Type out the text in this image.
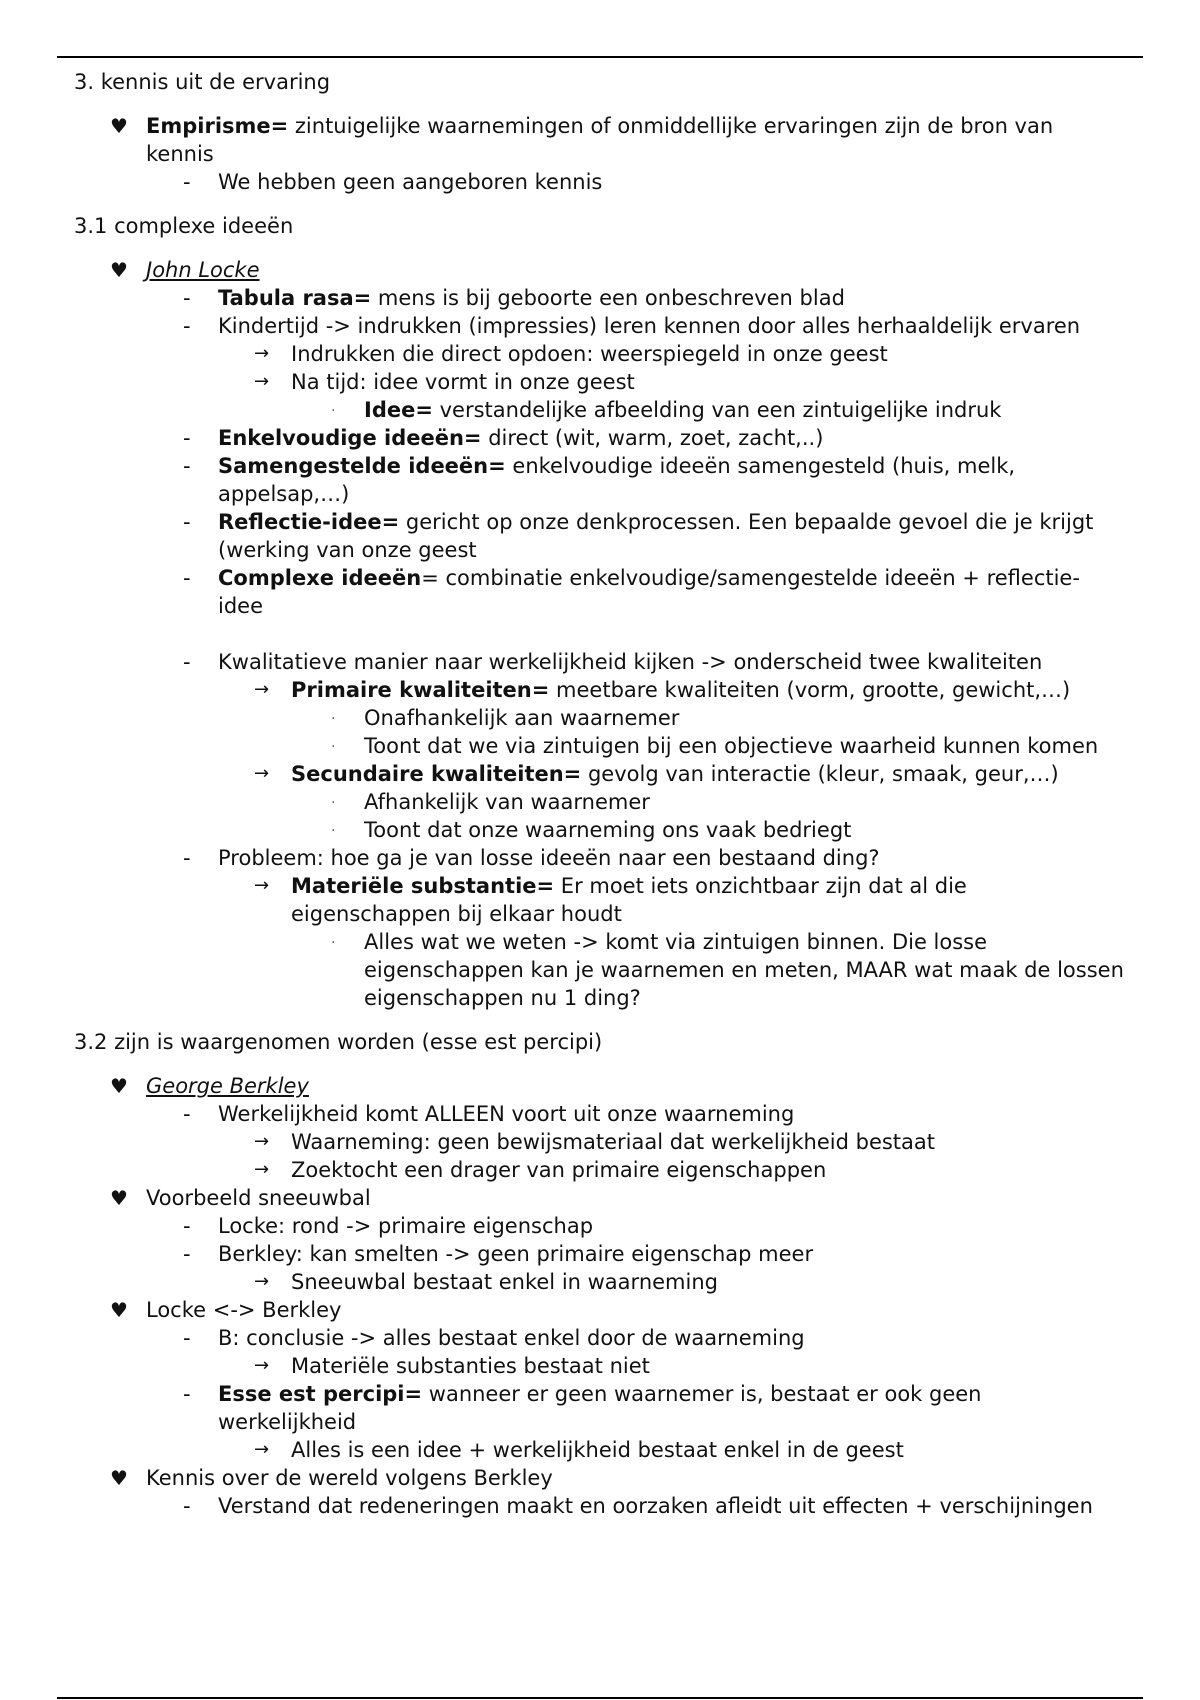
3. kennis uit de ervaring
♥ Empirisme= zintuigelijke waarnemingen of onmiddellijke ervaringen zijn de bron van kennis
- We hebben geen aangeboren kennis
3.1 complexe ideeën
♥ John Locke
- Tabula rasa= mens is bij geboorte een onbeschreven blad
- Kindertijd -> indrukken (impressies) leren kennen door alles herhaaldelijk ervaren
→ Indrukken die direct opdoen: weerspiegeld in onze geest
→ Na tijd: idee vormt in onze geest
· Idee= verstandelijke afbeelding van een zintuigelijke indruk
- Enkelvoudige ideeën= direct (wit, warm, zoet, zacht,..)
- Samengestelde ideeën= enkelvoudige ideeën samengesteld (huis, melk, appelsap,…)
- Reflectie-idee= gericht op onze denkprocessen. Een bepaalde gevoel die je krijgt (werking van onze geest
- Complexe ideeën= combinatie enkelvoudige/samengestelde ideeën + reflectie-idee
- Kwalitatieve manier naar werkelijkheid kijken -> onderscheid twee kwaliteiten
→ Primaire kwaliteiten= meetbare kwaliteiten (vorm, grootte, gewicht,…)
· Onafhankelijk aan waarnemer
· Toont dat we via zintuigen bij een objectieve waarheid kunnen komen
→ Secundaire kwaliteiten= gevolg van interactie (kleur, smaak, geur,…)
· Afhankelijk van waarnemer
· Toont dat onze waarneming ons vaak bedriegt
- Probleem: hoe ga je van losse ideeën naar een bestaand ding?
→ Materiële substantie= Er moet iets onzichtbaar zijn dat al die eigenschappen bij elkaar houdt
· Alles wat we weten -> komt via zintuigen binnen. Die losse eigenschappen kan je waarnemen en meten, MAAR wat maak de lossen eigenschappen nu 1 ding?
3.2 zijn is waargenomen worden (esse est percipi)
♥ George Berkley
- Werkelijkheid komt ALLEEN voort uit onze waarneming
→ Waarneming: geen bewijsmateriaal dat werkelijkheid bestaat
→ Zoektocht een drager van primaire eigenschappen
♥ Voorbeeld sneeuwbal
- Locke: rond -> primaire eigenschap
- Berkley: kan smelten -> geen primaire eigenschap meer
→ Sneeuwbal bestaat enkel in waarneming
♥ Locke <-> Berkley
- B: conclusie -> alles bestaat enkel door de waarneming
→ Materiële substanties bestaat niet
- Esse est percipi= wanneer er geen waarnemer is, bestaat er ook geen werkelijkheid
→ Alles is een idee + werkelijkheid bestaat enkel in de geest
♥ Kennis over de wereld volgens Berkley
- Verstand dat redeneringen maakt en oorzaken afleidt uit effecten + verschijningen
